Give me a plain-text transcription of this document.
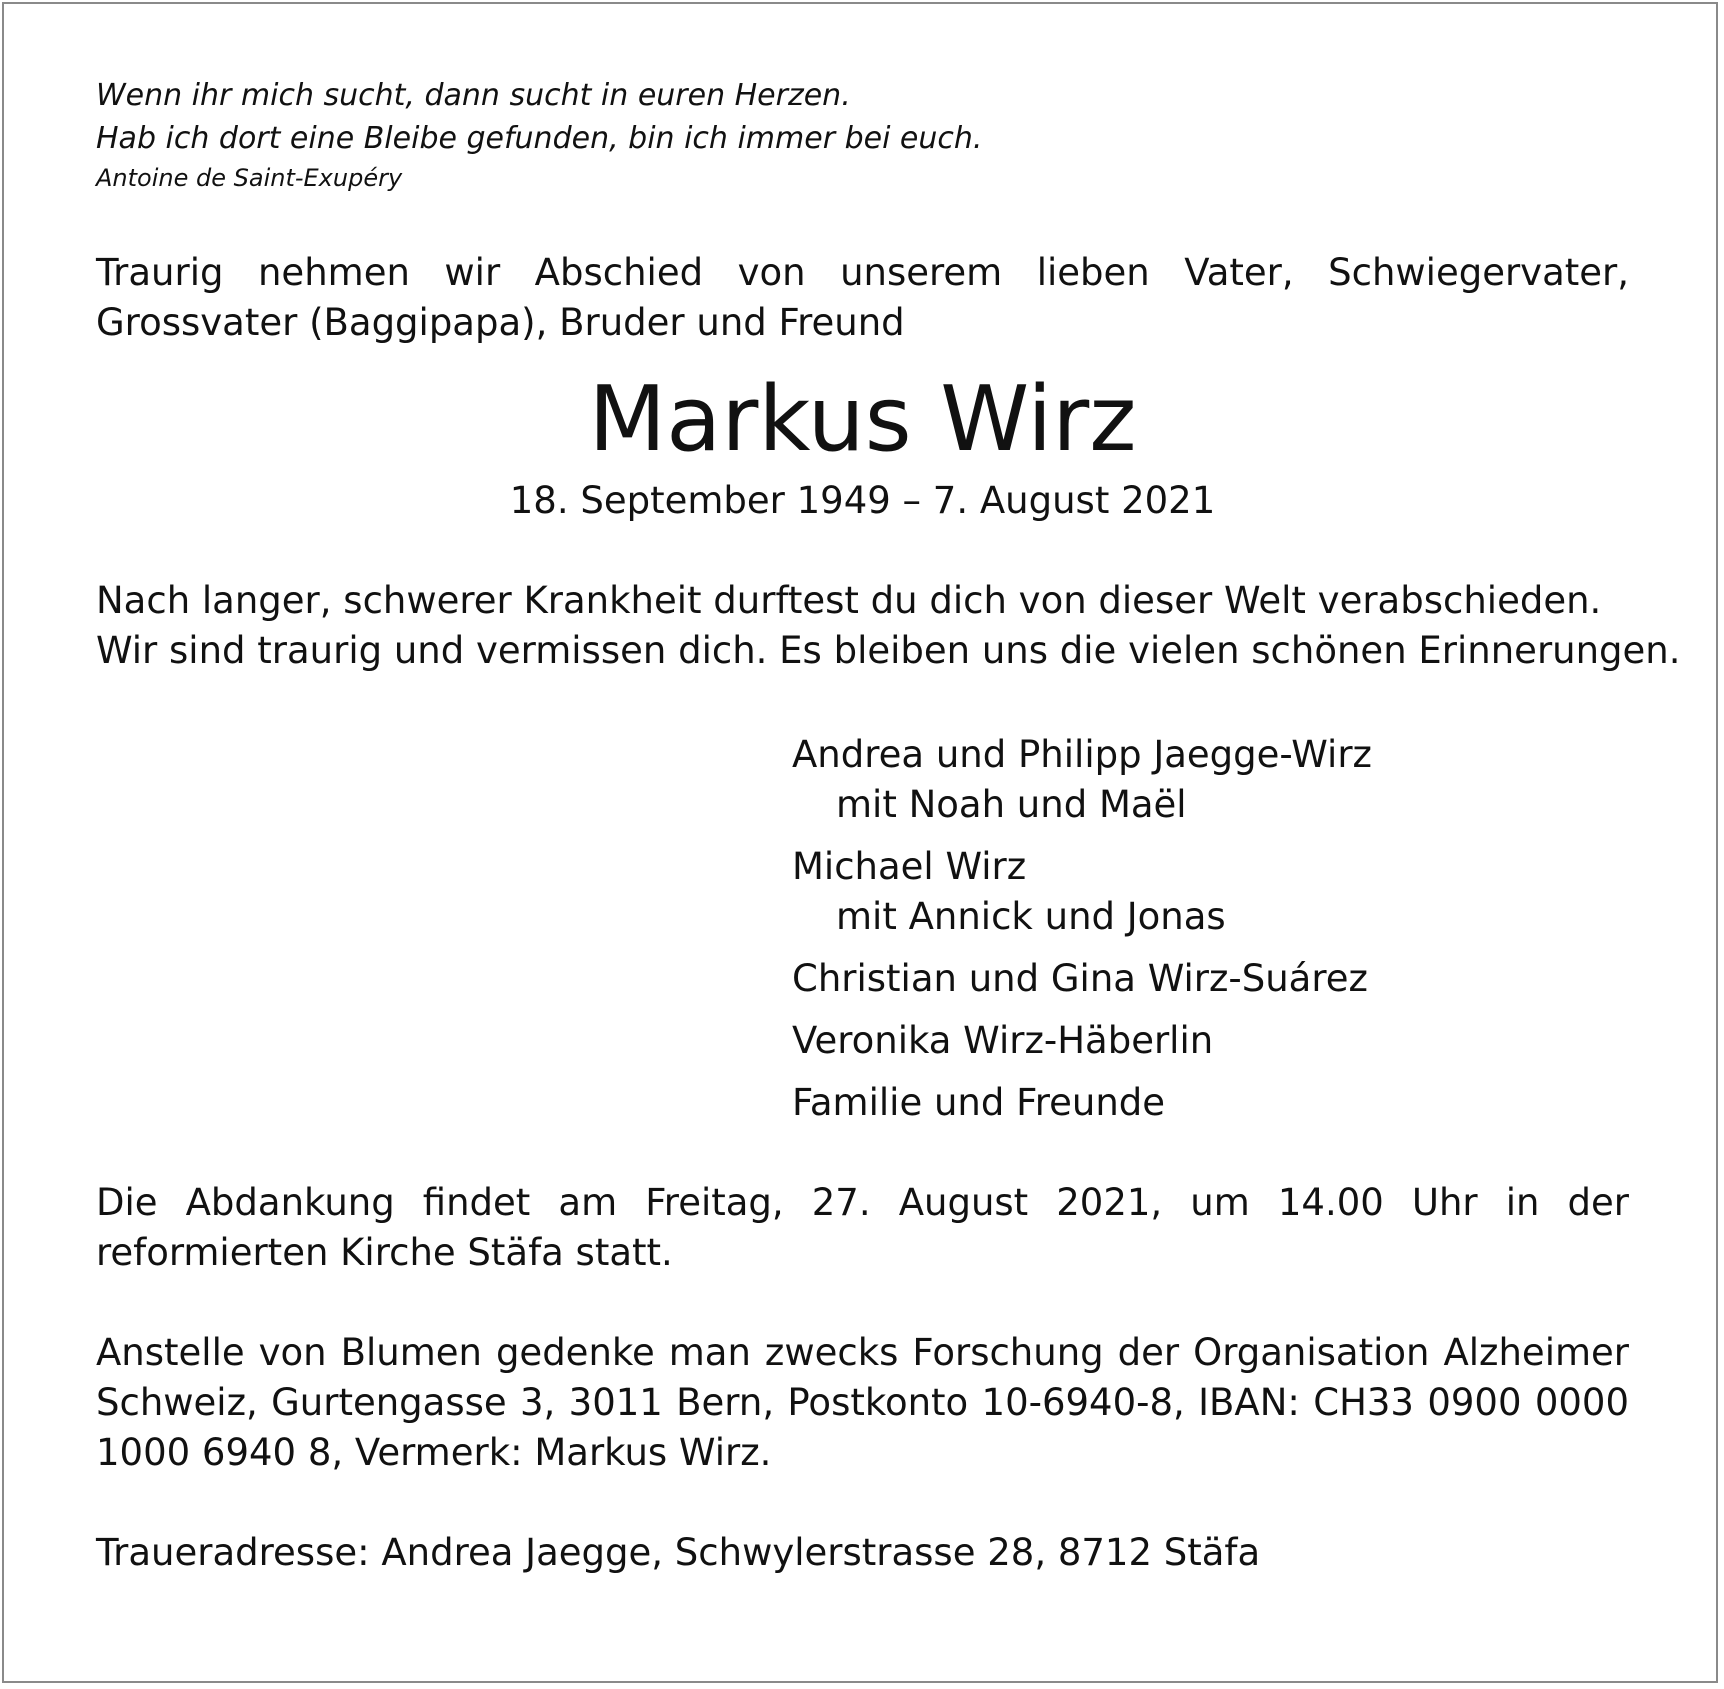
Wenn ihr mich sucht, dann sucht in euren Herzen.
Hab ich dort eine Bleibe gefunden, bin ich immer bei euch.
Antoine de Saint-Exupéry
Traurig nehmen wir Abschied von unserem lieben Vater, Schwiegervater, Grossvater (Baggipapa), Bruder und Freund
Markus Wirz
18. September 1949 – 7. August 2021
Nach langer, schwerer Krankheit durftest du dich von dieser Welt verabschieden.
Wir sind traurig und vermissen dich. Es bleiben uns die vielen schönen Erinnerungen.
Andrea und Philipp Jaegge-Wirz
mit Noah und Maël
Michael Wirz
mit Annick und Jonas
Christian und Gina Wirz-Suárez
Veronika Wirz-Häberlin
Familie und Freunde
Die Abdankung findet am Freitag, 27. August 2021, um 14.00 Uhr in der reformierten Kirche Stäfa statt.
Anstelle von Blumen gedenke man zwecks Forschung der Organisation Alzheimer Schweiz, Gurtengasse 3, 3011 Bern, Postkonto 10-6940-8, IBAN: CH33 0900 0000 1000 6940 8, Vermerk: Markus Wirz.
Traueradresse: Andrea Jaegge, Schwylerstrasse 28, 8712 Stäfa
